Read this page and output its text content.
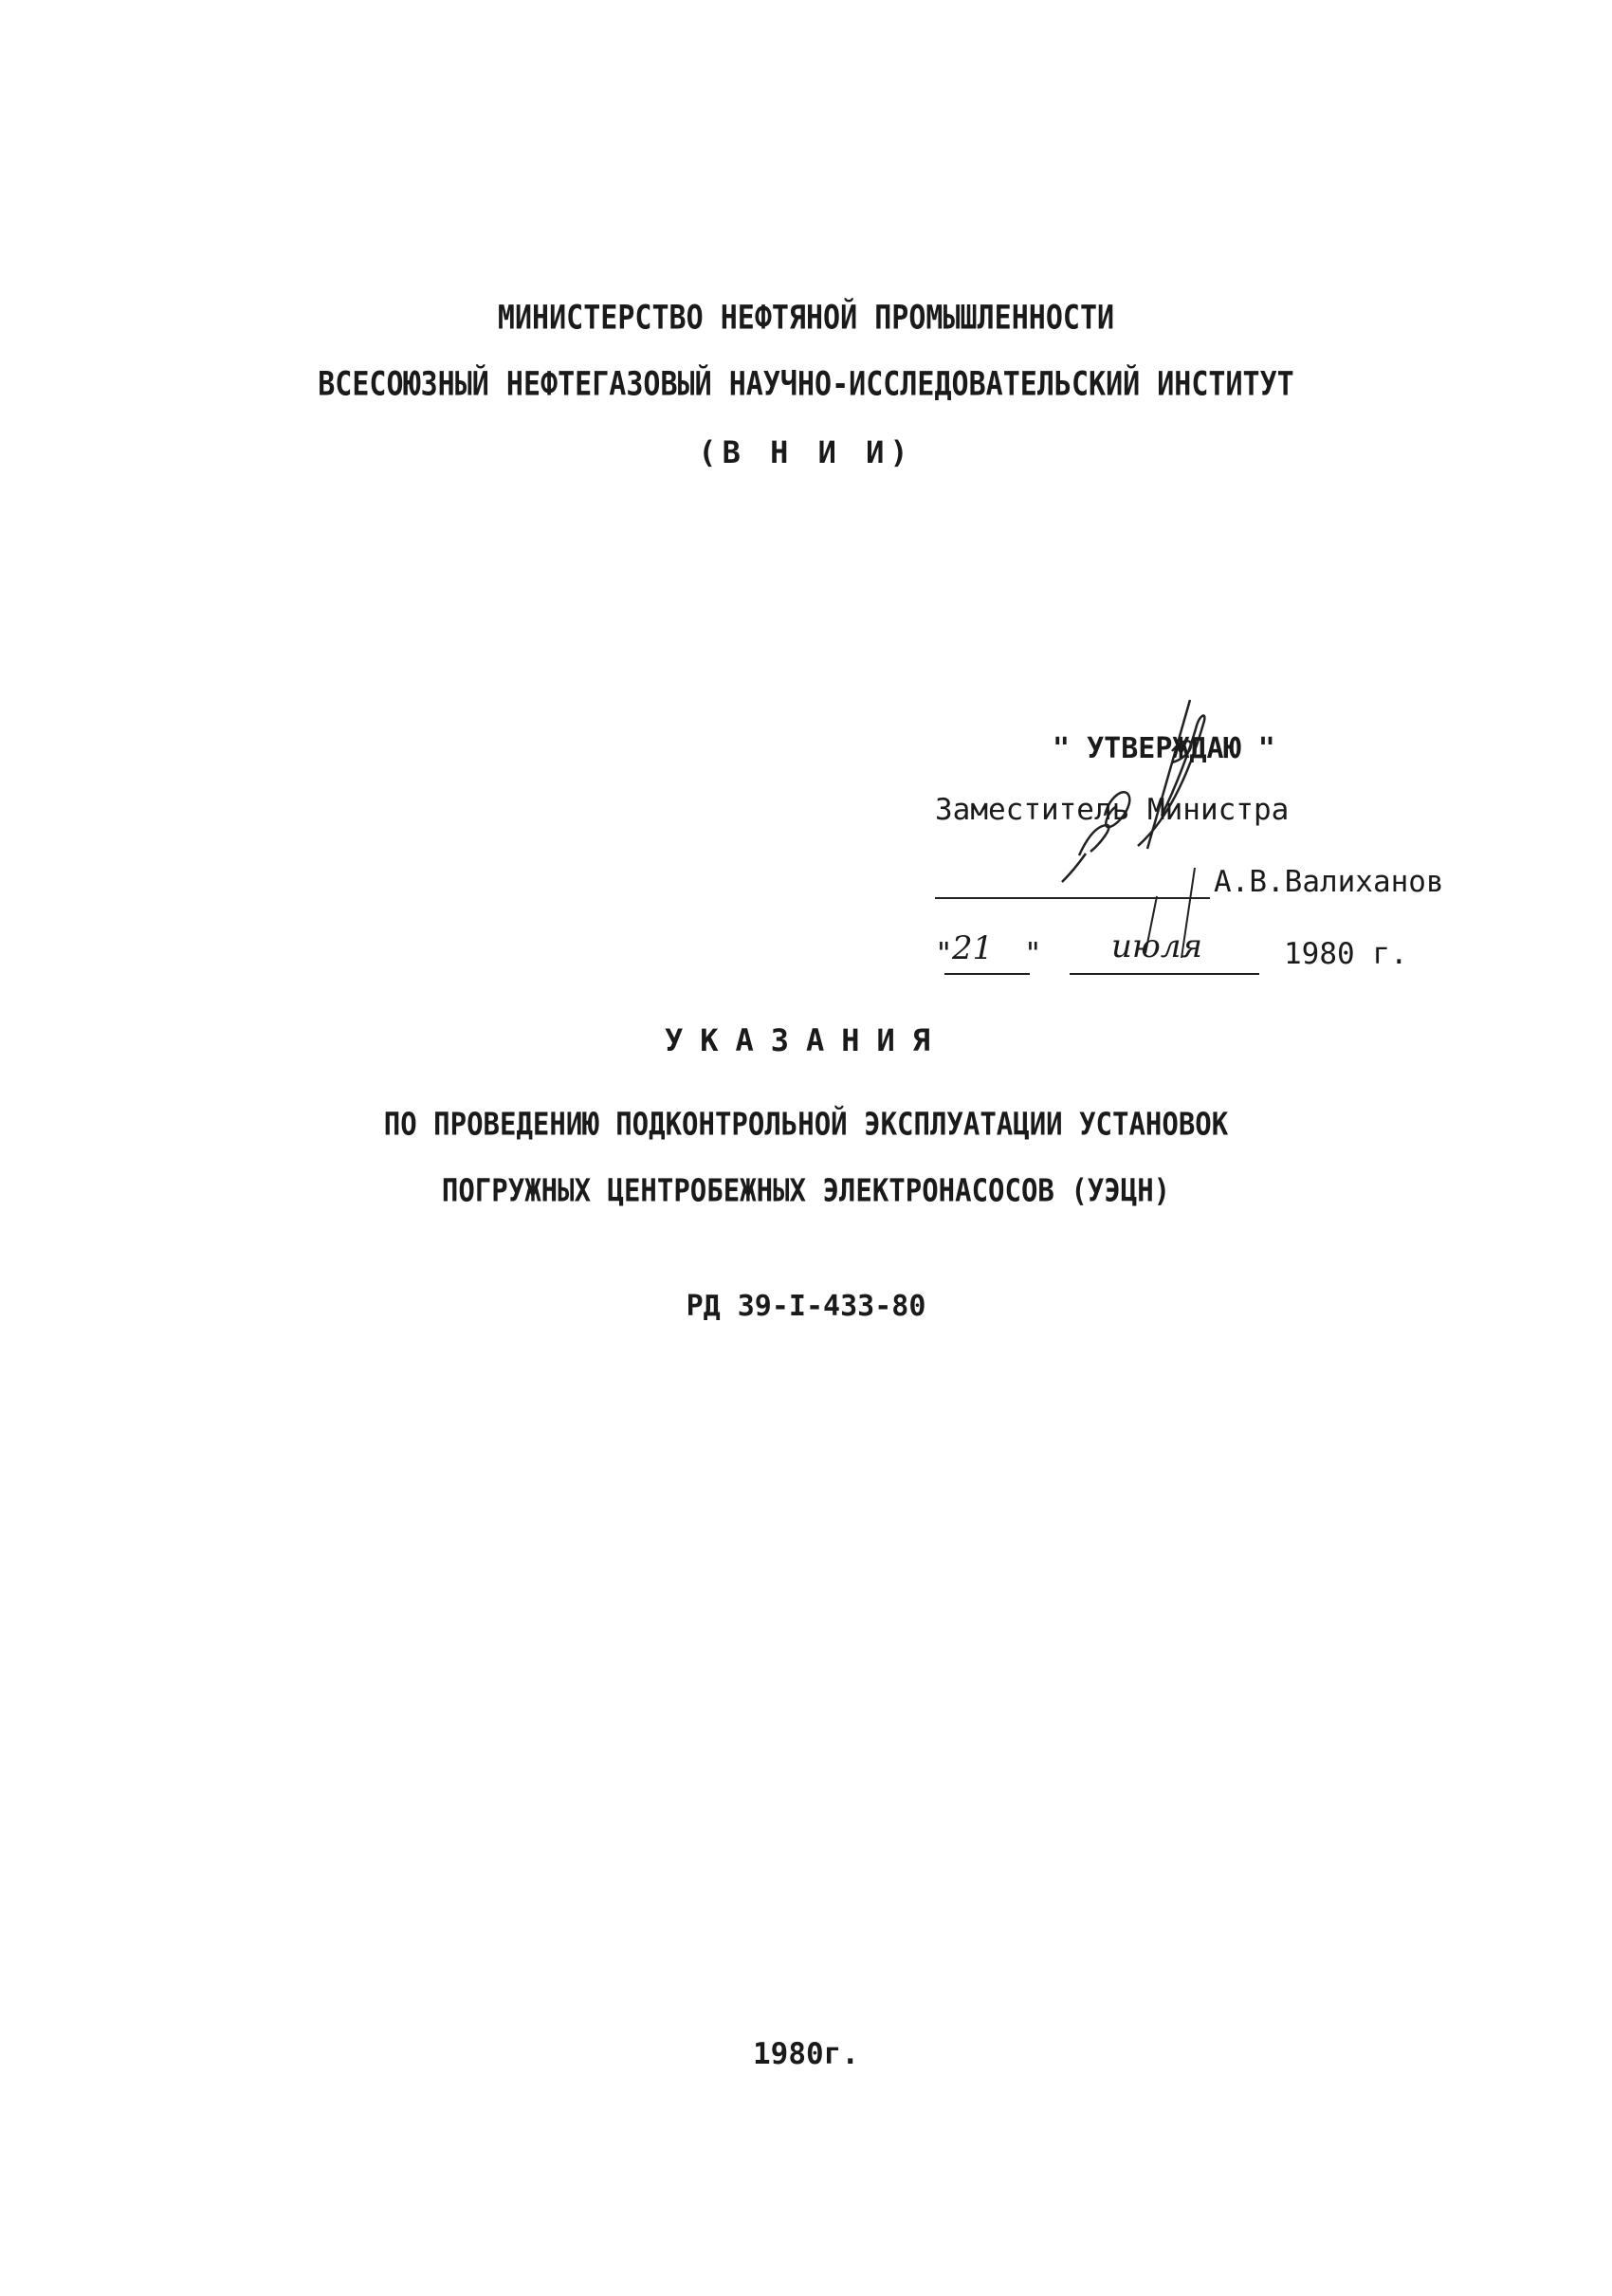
МИНИСТЕРСТВО НЕФТЯНОЙ ПРОМЫШЛЕННОСТИ
ВСЕСОЮЗНЫЙ НЕФТЕГАЗОВЫЙ НАУЧНО-ИССЛЕДОВАТЕЛЬСКИЙ ИНСТИТУТ
(В Н И И)
" УТВЕРЖДАЮ "
Заместитель Министра
А.В.Валиханов
" 21 " июля	1980 г.
УКАЗАНИЯ
ПО ПРОВЕДЕНИЮ ПОДКОНТРОЛЬНОЙ ЭКСПЛУАТАЦИИ УСТАНОВОК
ПОГРУЖНЫХ ЦЕНТРОБЕЖНЫХ ЭЛЕКТРОНАСОСОВ (УЭЦН)
РД 39-I-433-80
1980г.
